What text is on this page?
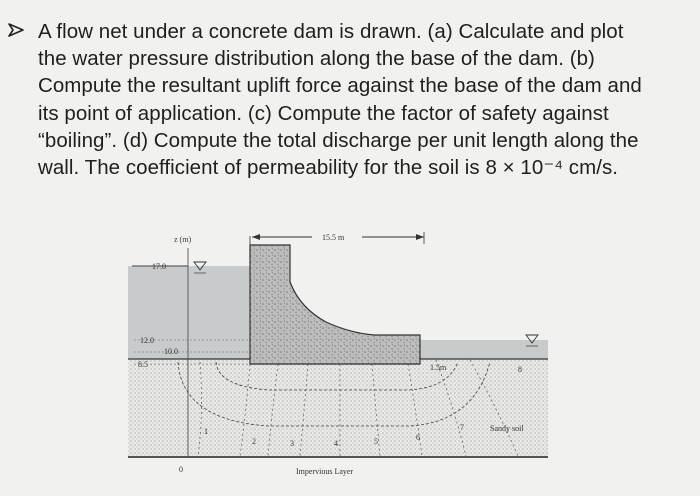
A flow net under a concrete dam is drawn. (a) Calculate and plot

the water pressure distribution along the base of the dam. (b)

Compute the resultant uplift force against the base of the dam and

its point of application. (c) Compute the factor of safety against

“boiling”. (d) Compute the total discharge per unit length along the

wall. The coefficient of permeability for the soil is 8 × 10⁻⁴ cm/s.

z (m)
17.0
12.0
10.0
8.5
0
15.5 m
1.5m
Sandy soil
Impervious Layer
1
2	3	4	5	6
7
8
